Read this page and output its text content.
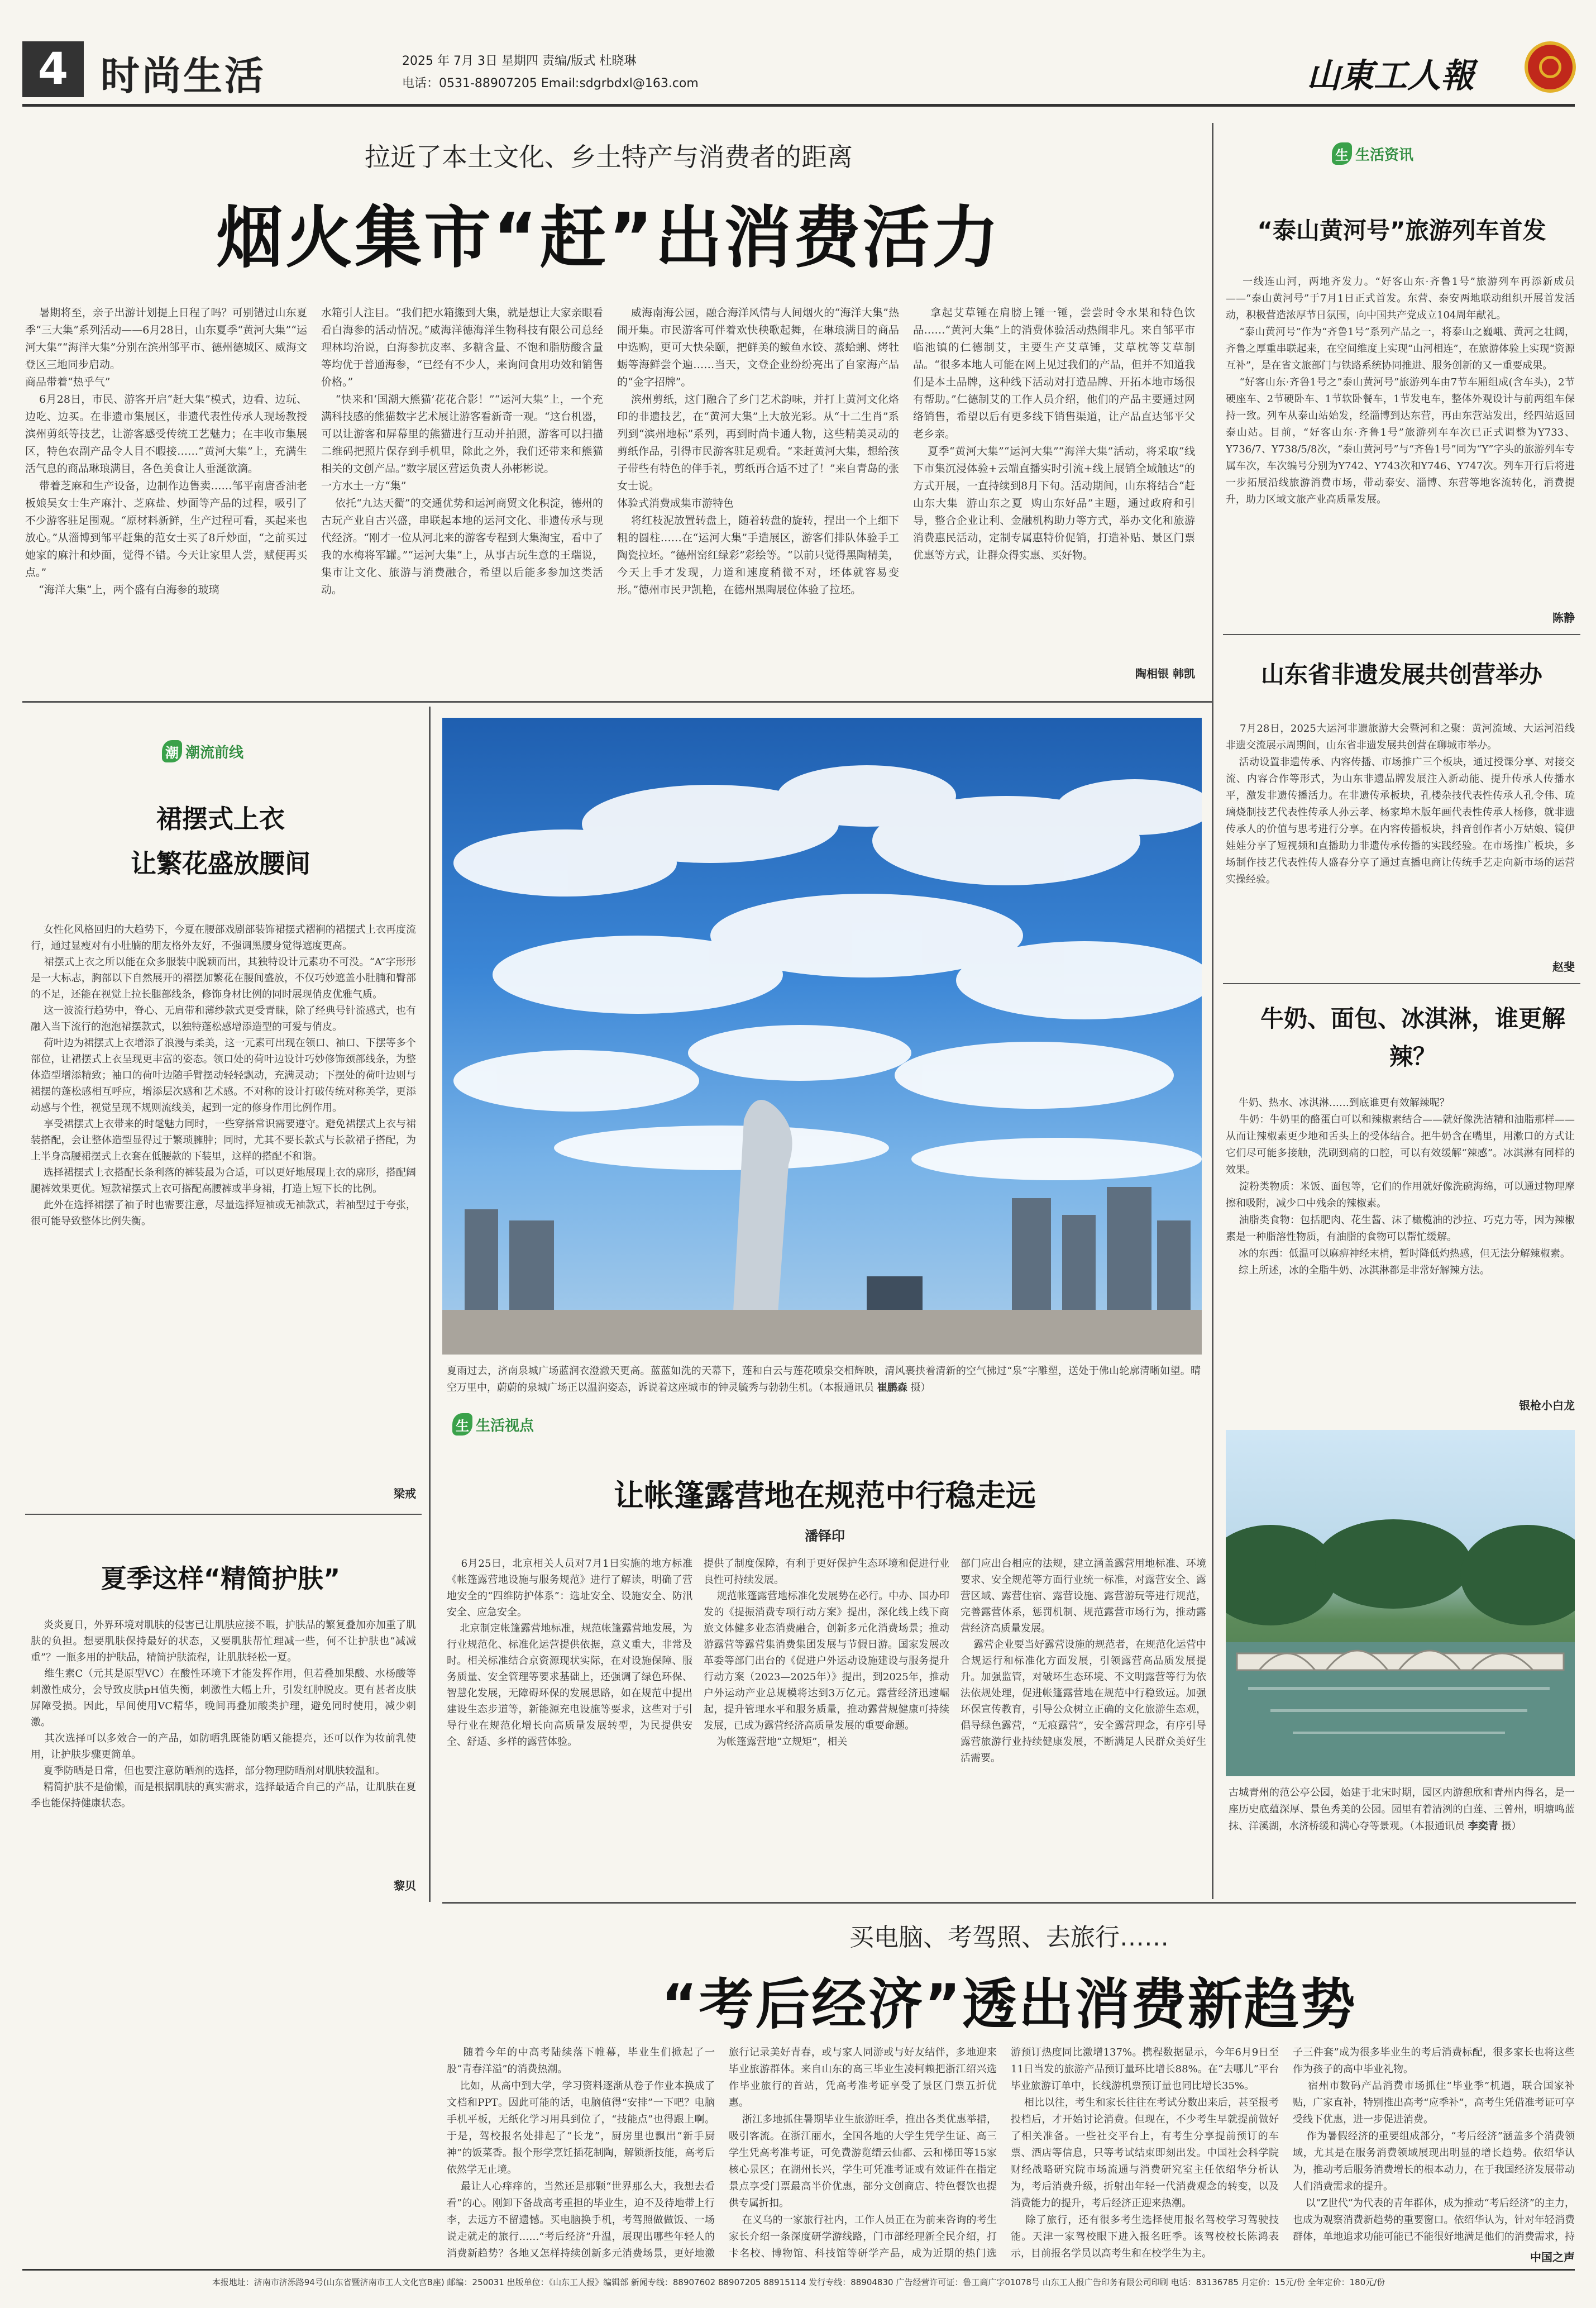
4 时尚生活	2025 年 7月 3日 星期四 责编/版式 杜晓琳
电话：0531-88907205 Email:sdgrbdxl@163.com	山東工人報
拉近了本土文化、乡土特产与消费者的距离
烟火集市“赶”出消费活力
暑期将至，亲子出游计划提上日程了吗？可别错过山东夏季“三大集”系列活动——6月28日，山东夏季“黄河大集”“运河大集”“海洋大集”分别在滨州邹平市、德州德城区、威海文登区三地同步启动。
商品带着“热乎气”
6月28日，市民、游客开启“赶大集”模式，边看、边玩、边吃、边买。在非遗市集展区，非遗代表性传承人现场教授滨州剪纸等技艺，让游客感受传统工艺魅力；在丰收市集展区，特色农副产品令人目不暇接……“黄河大集”上，充满生活气息的商品琳琅满目，各色美食让人垂涎欲滴。
带着芝麻和生产设备，边制作边售卖……邹平南唐香油老板娘吴女士生产麻汁、芝麻盐、炒面等产品的过程，吸引了不少游客驻足围观。“原材料新鲜，生产过程可看，买起来也放心。”从淄博到邹平赶集的范女士买了8斤炒面，“之前买过她家的麻汁和炒面，觉得不错。今天让家里人尝，赋便再买点。”
“海洋大集”上，两个盛有白海参的玻璃
水箱引人注目。“我们把水箱搬到大集，就是想让大家亲眼看看白海参的活动情况。”威海洋德海洋生物科技有限公司总经理林均治说，白海参抗皮率、多糖含量、不饱和脂肪酸含量等均优于普通海参，“已经有不少人，来询问食用功效和销售价格。”
“快来和‘国潮大熊猫’花花合影！”“运河大集”上，一个充满科技感的熊猫数字艺术展让游客看新奇一观。“这台机器，可以让游客和屏幕里的熊猫进行互动并拍照，游客可以扫描二维码把照片保存到手机里，除此之外，我们还带来和熊猫相关的文创产品。”数字展区营运负责人孙彬彬说。
一方水土一方“集”
依托“九达天衢”的交通优势和运河商贸文化积淀，德州的古玩产业自古兴盛，串联起本地的运河文化、非遗传承与现代经济。“刚才一位从河北来的游客专程到大集淘宝，看中了我的水梅将军罐。”“运河大集”上，从事古玩生意的王瑞说，集市让文化、旅游与消费融合，希望以后能多参加这类活动。
威海南海公园，融合海洋风情与人间烟火的“海洋大集”热闹开集。市民游客可伴着欢快秧歌起舞，在琳琅满目的商品中选购，更可大快朵颐，把鲜美的鲅鱼水饺、蒸蛤蜊、烤牡蛎等海鲜尝个遍……当天，文登企业纷纷亮出了自家海产品的“金字招牌”。
滨州剪纸，这门融合了乡门艺术韵味，并打上黄河文化烙印的非遗技艺，在“黄河大集”上大放光彩。从“十二生肖”系列到“滨州地标”系列，再到时尚卡通人物，这些精美灵动的剪纸作品，引得市民游客驻足观看。“来赶黄河大集，想给孩子带些有特色的伴手礼，剪纸再合适不过了！”来自青岛的张女士说。
体验式消费成集市游特色
将红枝泥放置转盘上，随着转盘的旋转，捏出一个上细下粗的圆柱……在“运河大集”手造展区，游客们排队体验手工陶瓷拉坯。“德州窑红绿彩”彩绘等。“以前只觉得黑陶精美，今天上手才发现，力道和速度稍微不对，坯体就容易变形。”德州市民尹凯艳，在德州黑陶展位体验了拉坯。
拿起艾草锤在肩膀上锤一锤，尝尝时令水果和特色饮品……“黄河大集”上的消费体验活动热闹非凡。来自邹平市临池镇的仁德制艾，主要生产艾草锤，艾草枕等艾草制品。“很多本地人可能在网上见过我们的产品，但并不知道我们是本土品牌，这种线下活动对打造品牌、开拓本地市场很有帮助。”仁德制艾的工作人员介绍，他们的产品主要通过网络销售，希望以后有更多线下销售渠道，让产品直达邹平父老乡亲。
夏季“黄河大集”“运河大集”“海洋大集”活动，将采取“线下市集沉浸体验+云端直播实时引流+线上展销全域触达”的方式开展，一直持续到8月下旬。活动期间，山东将结合“赶山东大集  游山东之夏  购山东好品”主题，通过政府和引导，整合企业让利、金融机构助力等方式，举办文化和旅游消费惠民活动，定制专属惠特价促销，打造补贴、景区门票优惠等方式，让群众得实惠、买好物。
陶相银 韩凯
生 生活资讯
“泰山黄河号”旅游列车首发
一线连山河，两地齐发力。“好客山东·齐鲁1号”旅游列车再添新成员——“泰山黄河号”于7月1日正式首发。东营、泰安两地联动组织开展首发活动，积极营造浓厚节日氛围，向中国共产党成立104周年献礼。
“泰山黄河号”作为“齐鲁1号”系列产品之一，将泰山之巍峨、黄河之壮阔，齐鲁之厚重串联起来，在空间维度上实现“山河相连”，在旅游体验上实现“资源互补”，是在省文旅部门与铁路系统协同推进、服务创新的又一重要成果。
“好客山东·齐鲁1号之”泰山黄河号”旅游列车由7节车厢组成(含车头)，2节硬座车、2节硬卧车、1节软卧餐车，1节发电车，整体外观设计与前两组车保持一致。列车从泰山站始发，经淄博到达东营，再由东营站发出，经四站返回泰山站。目前，“好客山东·齐鲁1号”旅游列车车次已正式调整为Y733、Y736/7、Y738/5/8次，“泰山黄河号”与“齐鲁1号”同为“Y”字头的旅游列车专属车次，车次编号分别为Y742、Y743次和Y746、Y747次。列车开行后将进一步拓展沿线旅游消费市场，带动泰安、淄博、东营等地客流转化，消费提升，助力区域文旅产业高质量发展。
陈静
山东省非遗发展共创营举办
7月28日，2025大运河非遗旅游大会暨河和之聚：黄河流域、大运河沿线非遗交流展示周期间，山东省非遗发展共创营在聊城市举办。
活动设置非遗传承、内容传播、市场推广三个板块，通过授课分享、对接交流、内容合作等形式，为山东非遗品牌发展注入新动能、提升传承人传播水平，激发非遗传播活力。在非遗传承板块，孔楼杂技代表性传承人孔令伟、琉璃烧制技艺代表性传承人孙云孝、杨家埠木版年画代表性传承人杨修，就非遗传承人的价值与思考进行分享。在内容传播板块，抖音创作者小万姑娘、镜伊娃娃分享了短视频和直播助力非遗传承传播的实践经验。在市场推广板块，多场制作技艺代表性传人盛春分享了通过直播电商让传统手艺走向新市场的运营实操经验。
赵斐
牛奶、面包、冰淇淋，谁更解辣？
牛奶、热水、冰淇淋……到底谁更有效解辣呢？
牛奶：牛奶里的酪蛋白可以和辣椒素结合——就好像洗洁精和油脂那样——从而让辣椒素更少地和舌头上的受体结合。把牛奶含在嘴里，用漱口的方式让它们尽可能多接触，洗刷到痛的口腔，可以有效缓解“辣感”。冰淇淋有同样的效果。
淀粉类物质：米饭、面包等，它们的作用就好像洗碗海绵，可以通过物理摩擦和吸附，减少口中残余的辣椒素。
油脂类食物：包括肥肉、花生酱、沫了橄榄油的沙拉、巧克力等，因为辣椒素是一种脂溶性物质，有油脂的食物可以帮忙缓解。
冰的东西：低温可以麻痹神经末梢，暂时降低灼热感，但无法分解辣椒素。
综上所述，冰的全脂牛奶、冰淇淋都是非常好解辣方法。
银枪小白龙
潮 潮流前线
裙摆式上衣
让繁花盛放腰间
女性化风格回归的大趋势下，今夏在腰部戏剧部装饰裙摆式褶裥的裙摆式上衣再度流行，通过显瘦对有小肚腩的朋友格外友好，不强调黑腰身觉得遮度更高。
裙摆式上衣之所以能在众多服装中脱颖而出，其独特设计元素功不可没。“A”字形形是一大标志，胸部以下自然展开的褶摆加繁花在腰间盛放，不仅巧妙遮盖小肚腩和臀部的不足，还能在视觉上拉长腿部线条，修饰身材比例的同时展现俏皮优雅气质。
这一波流行趋势中，脊心、无肩带和薄纱款式更受青睐，除了经典号针流感式，也有融入当下流行的泡泡裙摆款式，以独特蓬松感增添造型的可爱与俏皮。
荷叶边为裙摆式上衣增添了浪漫与柔美，这一元素可出现在领口、袖口、下摆等多个部位，让裙摆式上衣呈现更丰富的姿态。领口处的荷叶边设计巧妙修饰颈部线条，为整体造型增添精致；袖口的荷叶边随手臂摆动轻轻飘动，充满灵动；下摆处的荷叶边则与裙摆的蓬松感相互呼应，增添层次感和艺术感。不对称的设计打破传统对称美学，更添动感与个性，视觉呈现不规则流线美，起到一定的修身作用比例作用。
享受裙摆式上衣带来的时髦魅力同时，一些穿搭常识需要遵守。避免裙摆式上衣与裙装搭配，会让整体造型显得过于繁琐臃肿；同时，尤其不要长款式与长款裙子搭配，为上半身高腰裙摆式上衣套在低腰款的下装里，这样的搭配不和谐。
选择裙摆式上衣搭配长条利落的裤装最为合适，可以更好地展现上衣的廓形，搭配阔腿裤效果更优。短款裙摆式上衣可搭配高腰裤或半身裙，打造上短下长的比例。
此外在选择裙摆了袖子时也需要注意，尽量选择短袖或无袖款式，若袖型过于夸张，很可能导致整体比例失衡。
梁戒
夏季这样“精简护肤”
炎炎夏日，外界环境对肌肤的侵害已让肌肤应接不暇，护肤品的繁复叠加亦加重了肌肤的负担。想要肌肤保持最好的状态，又要肌肤帮忙理减一些，何不让护肤也“减减重”？一瓶多用的护肤品，精简护肤流程，让肌肤轻松一夏。
维生素C（元其是原型VC）在酸性环境下才能发挥作用，但若叠加果酸、水杨酸等刺激性成分，会导致皮肤pH值失衡，刺激性大幅上升，引发红肿脱皮。更有甚者皮肤屏障受损。因此，早间使用VC精华，晚间再叠加酸类护理，避免同时使用，减少刺激。
其次选择可以多效合一的产品，如防晒乳既能防晒又能提亮，还可以作为妆前乳使用，让护肤步骤更简单。
夏季防晒是日常，但也要注意防晒剂的选择，部分物理防晒剂对肌肤较温和。
精简护肤不是偷懒，而是根据肌肤的真实需求，选择最适合自己的产品，让肌肤在夏季也能保持健康状态。
黎贝
夏雨过去，济南泉城广场蓝润衣澄澈天更高。蓝蓝如洗的天幕下，莲和白云与莲花喷泉交相辉映，清风裹挟着清新的空气拂过“泉”字雕塑，送处于佛山轮廓清晰如望。晴空万里中，蔚蔚的泉城广场正以温润姿态，诉说着这座城市的钟灵毓秀与勃勃生机。（本报通讯员 崔鹏森 摄）
生 生活视点
让帐篷露营地在规范中行稳走远
潘铎印
6月25日，北京相关人员对7月1日实施的地方标准《帐篷露营地设施与服务规范》进行了解读，明确了营地安全的“四维防护体系”：选址安全、设施安全、防汛安全、应急安全。
北京制定帐篷露营地标准，规范帐篷露营地发展，为行业规范化、标准化运营提供依据，意义重大，非常及时。相关标准结合京资源现状实际，在对设施保障、服务质量、安全管理等要求基础上，还强调了绿色环保、智慧化发展，无障碍环保的发展思路，如在规范中提出建设生态步道等，新能源充电设施等要求，这些对于引导行业在规范化增长向高质量发展转型，为民提供安全、舒适、多样的露营体验。
提供了制度保障，有利于更好保护生态环境和促进行业良性可持续发展。
规范帐篷露营地标准化发展势在必行。中办、国办印发的《提振消费专项行动方案》提出，深化线上线下商旅文体健多业态消费融合，创新多元化消费场景；推动游露营等露营集消费集团发展与节假日游。国家发展改革委等部门出台的《促进户外运动设施建设与服务提升行动方案（2023—2025年）》提出，到2025年，推动户外运动产业总规模将达到3万亿元。露营经济迅速崛起，提升管理水平和服务质量，推动露营规健康可持续发展，已成为露营经济高质量发展的重要命题。
为帐篷露营地“立规矩”，相关
部门应出台相应的法规，建立涵盖露营用地标准、环境要求、安全规范等方面行业统一标准，对露营安全、露营区域、露营住宿、露营设施、露营游玩等进行规范，完善露营体系，惩罚机制、规范露营市场行为，推动露营经济高质量发展。
露营企业要当好露营设施的规范者，在规范化运营中合规运行和标准化方面发展，引领露营高品质发展提升。加强监管，对破坏生态环境、不文明露营等行为依法依规处理，促进帐篷露营地在规范中行稳致远。加强环保宣传教育，引导公众树立正确的文化旅游生态观，倡导绿色露营，“无痕露营”，安全露营理念，有序引导露营旅游行业持续健康发展，不断满足人民群众美好生活需要。
古城青州的范公亭公园，始建于北宋时期，园区内游憩欣和青州内得名，是一座历史底蕴深厚、景色秀美的公园。园里有着清洌的白莲、三曾州，明塘鸣蓝抹、洋溪湖，水济桥缓和满心夺等景观。（本报通讯员 李奕青 摄）
买电脑、考驾照、去旅行……
“考后经济”透出消费新趋势
随着今年的中高考陆续落下帷幕，毕业生们掀起了一股“青春洋溢”的消费热潮。
比如，从高中到大学，学习资料逐渐从卷子作业本换成了文档和PPT。因此可能的话，电脑值得“安排”一下吧？电脑手机平板，无纸化学习用具到位了，“技能点”也得跟上啊。于是，驾校报名处排起了“长龙”，厨房里也飘出“新手厨神”的饭菜香。报个形学烹饪插花制陶，解锁新技能，高考后依然学无止境。
最让人心痒痒的，当然还是那颗“世界那么大，我想去看看”的心。刚卸下备战高考重担的毕业生，迫不及待地带上行李，去远方不留遗憾。买电脑换手机，考驾照做做饭、一场说走就走的旅行……“考后经济”升温，展现出哪些年轻人的消费新趋势？各地又怎样持续创新多元消费场景，更好地激

旅行记录美好青春，或与家人同游或与好友结伴，多地迎来毕业旅游群体。来自山东的高三毕业生凌柯赖把浙江绍兴选作毕业旅行的首站，凭高考准考证享受了景区门票五折优惠。
浙江多地抓住暑期毕业生旅游旺季，推出各类优惠举措，吸引客流。在浙江丽水，全国各地的大学生凭学生证、高三学生凭高考准考证，可免费游览缙云仙都、云和梯田等15家核心景区；在湖州长兴，学生可凭准考证或有效证件在指定景点享受门票最高半价优惠，部分文创商店、特色餐饮也提供专属折扣。
在义乌的一家旅行社内，工作人员正在为前来咨询的考生家长介绍一条深度研学游线路，门市部经理新全民介绍，打卡名校、博物馆、科技馆等研学产品，成为近期的热门选

游预订热度同比激增137%。携程数据显示，今年6月9日至11日当发的旅游产品预订量环比增长88%。在“去哪儿”平台毕业旅游订单中，长线游机票预订量也同比增长35%。
相比以往，考生和家长往往在考试分数出来后，甚至报考投档后，才开始讨论消费。但现在，不少考生早就提前做好了相关准备。一些社交平台上，有考生分享提前预订的车票、酒店等信息，只等考试结束即刻出发。中国社会科学院财经战略研究院市场流通与消费研究室主任依绍华分析认为，考后消费升级，折射出年轻一代消费观念的转变，以及消费能力的提升，考后经济正迎来热潮。
除了旅行，还有很多考生选择使用报名驾校学习驾驶技能。天津一家驾校眼下进入报名旺季。该驾校校长陈鸿表示，目前报名学员以高考生和在校学生为主。

子三件套”成为很多毕业生的考后消费标配，很多家长也将这些作为孩子的高中毕业礼物。
宿州市数码产品消费市场抓住“毕业季”机遇，联合国家补贴，广家直补，特别推出高考“应季补”，高考生凭借准考证可享受线下优惠，进一步促进消费。
作为暑假经济的重要组成部分，“考后经济”涵盖多个消费领域，尤其是在服务消费领域展现出明显的增长趋势。依绍华认为，推动考后服务消费增长的根本动力，在于我国经济发展带动人们消费需求的提升。
以“Z世代”为代表的青年群体，成为推动“考后经济”的主力，也成为观察消费新趋势的重要窗口。依绍华认为，针对年轻消费群体，单地追求功能可能已不能很好地满足他们的消费需求，持
中国之声
本报地址：济南市济泺路94号(山东省暨济南市工人文化宫B座) 邮编：250031 出版单位：《山东工人报》编辑部 新闻专线：88907602 88907205 88915114 发行专线：88904830 广告经营许可证：鲁工商广字01078号 山东工人报广告印务有限公司印刷 电话：83136785 月定价：15元/份 全年定价：180元/份
